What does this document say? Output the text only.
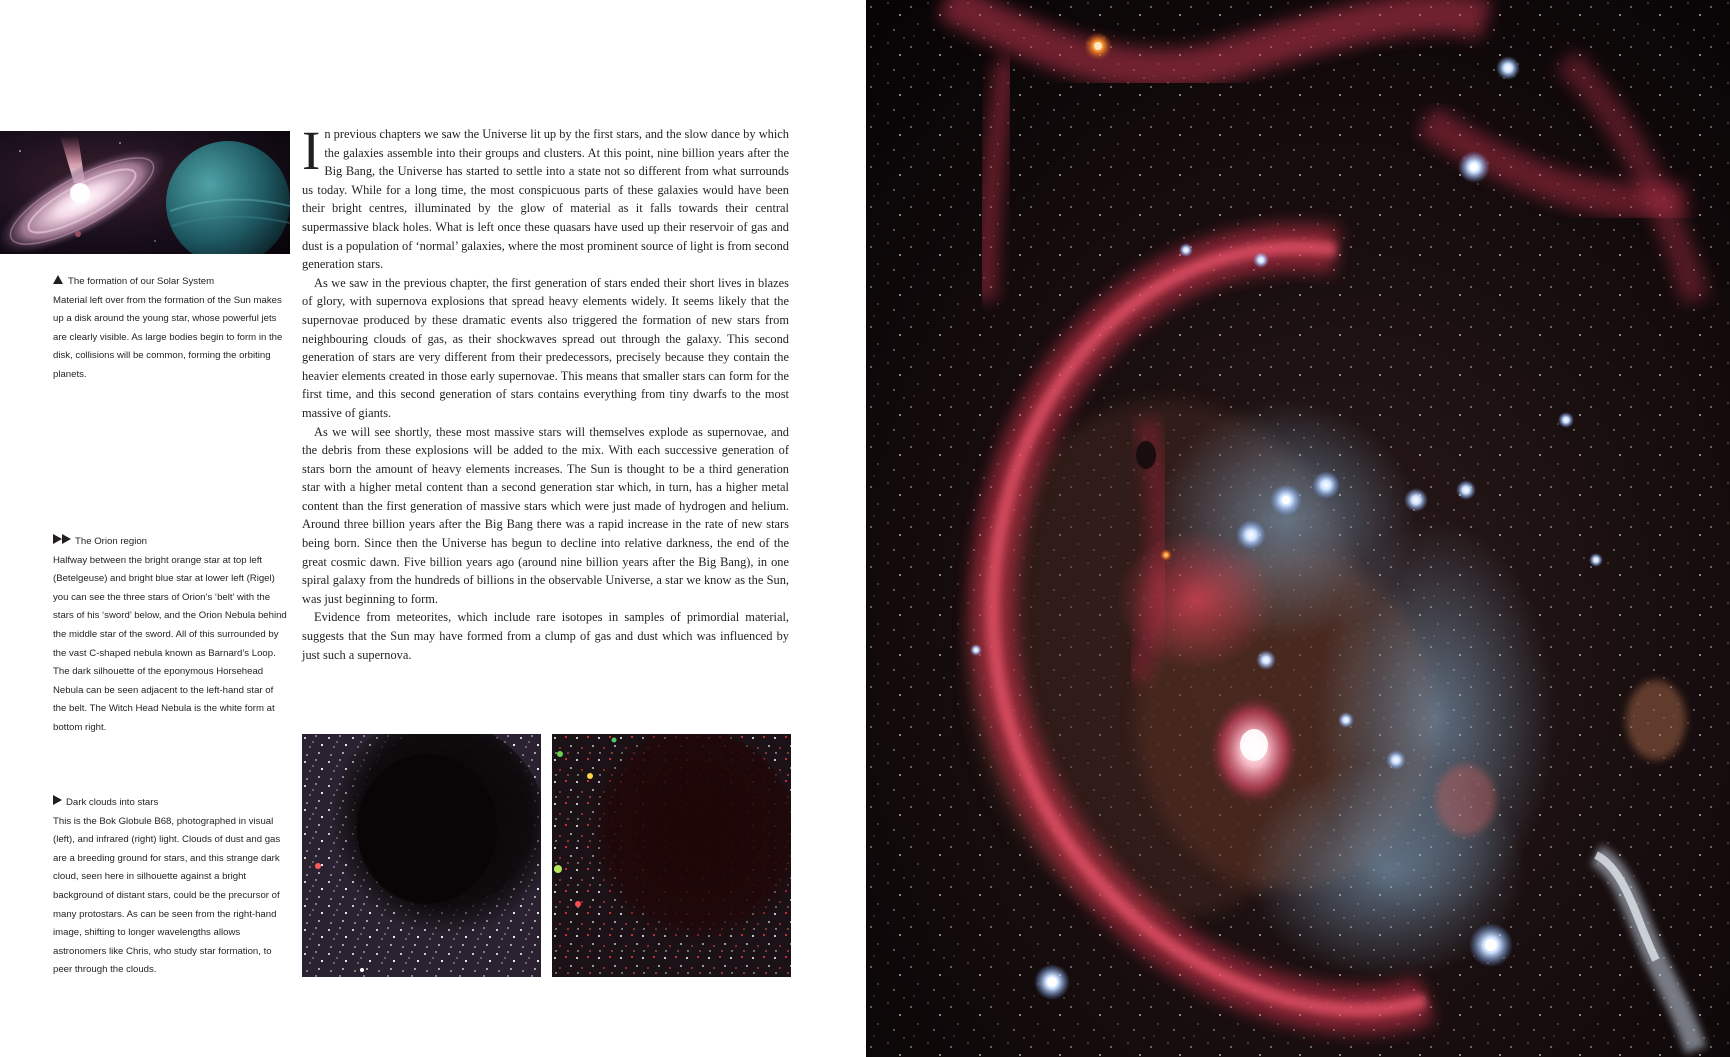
The formation of our Solar System
Material left over from the formation of the Sun makes up a disk around the young star, whose powerful jets are clearly visible. As large bodies begin to form in the disk, collisions will be common, forming the orbiting planets.
The Orion region
Halfway between the bright orange star at top left (Betelgeuse) and bright blue star at lower left (Rigel) you can see the three stars of Orion’s ‘belt’ with the stars of his ‘sword’ below, and the Orion Nebula behind the middle star of the sword. All of this surrounded by the vast C-shaped nebula known as Barnard’s Loop. The dark silhouette of the eponymous Horsehead Nebula can be seen adjacent to the left-hand star of the belt. The Witch Head Nebula is the white form at bottom right.
Dark clouds into stars
This is the Bok Globule B68, photographed in visual (left), and infrared (right) light. Clouds of dust and gas are a breeding ground for stars, and this strange dark cloud, seen here in silhouette against a bright background of distant stars, could be the precursor of many protostars. As can be seen from the right-hand image, shifting to longer wavelengths allows astronomers like Chris, who study star formation, to peer through the clouds.

In previous chapters we saw the Universe lit up by the first stars, and the slow dance by which the galaxies assemble into their groups and clusters. At this point, nine billion years after the Big Bang, the Universe has started to settle into a state not so different from what surrounds us today. While for a long time, the most conspicuous parts of these galaxies would have been their bright centres, illuminated by the glow of material as it falls towards their central supermassive black holes. What is left once these quasars have used up their reservoir of gas and dust is a population of ‘normal’ galaxies, where the most prominent source of light is from second generation stars.

As we saw in the previous chapter, the first generation of stars ended their short lives in blazes of glory, with supernova explosions that spread heavy elements widely. It seems likely that the supernovae produced by these dramatic events also triggered the formation of new stars from neighbouring clouds of gas, as their shockwaves spread out through the galaxy. This second generation of stars are very different from their predecessors, precisely because they contain the heavier elements created in those early supernovae. This means that smaller stars can form for the first time, and this second generation of stars contains everything from tiny dwarfs to the most massive of giants.

As we will see shortly, these most massive stars will themselves explode as supernovae, and the debris from these explosions will be added to the mix. With each successive generation of stars born the amount of heavy elements increases. The Sun is thought to be a third generation star with a higher metal content than a second generation star which, in turn, has a higher metal content than the first generation of massive stars which were just made of hydrogen and helium. Around three billion years after the Big Bang there was a rapid increase in the rate of new stars being born. Since then the Universe has begun to decline into relative darkness, the end of the great cosmic dawn. Five billion years ago (around nine billion years after the Big Bang), in one spiral galaxy from the hundreds of billions in the observable Universe, a star we know as the Sun, was just beginning to form.

Evidence from meteorites, which include rare isotopes in samples of primordial material, suggests that the Sun may have formed from a clump of gas and dust which was influenced by just such a supernova.
